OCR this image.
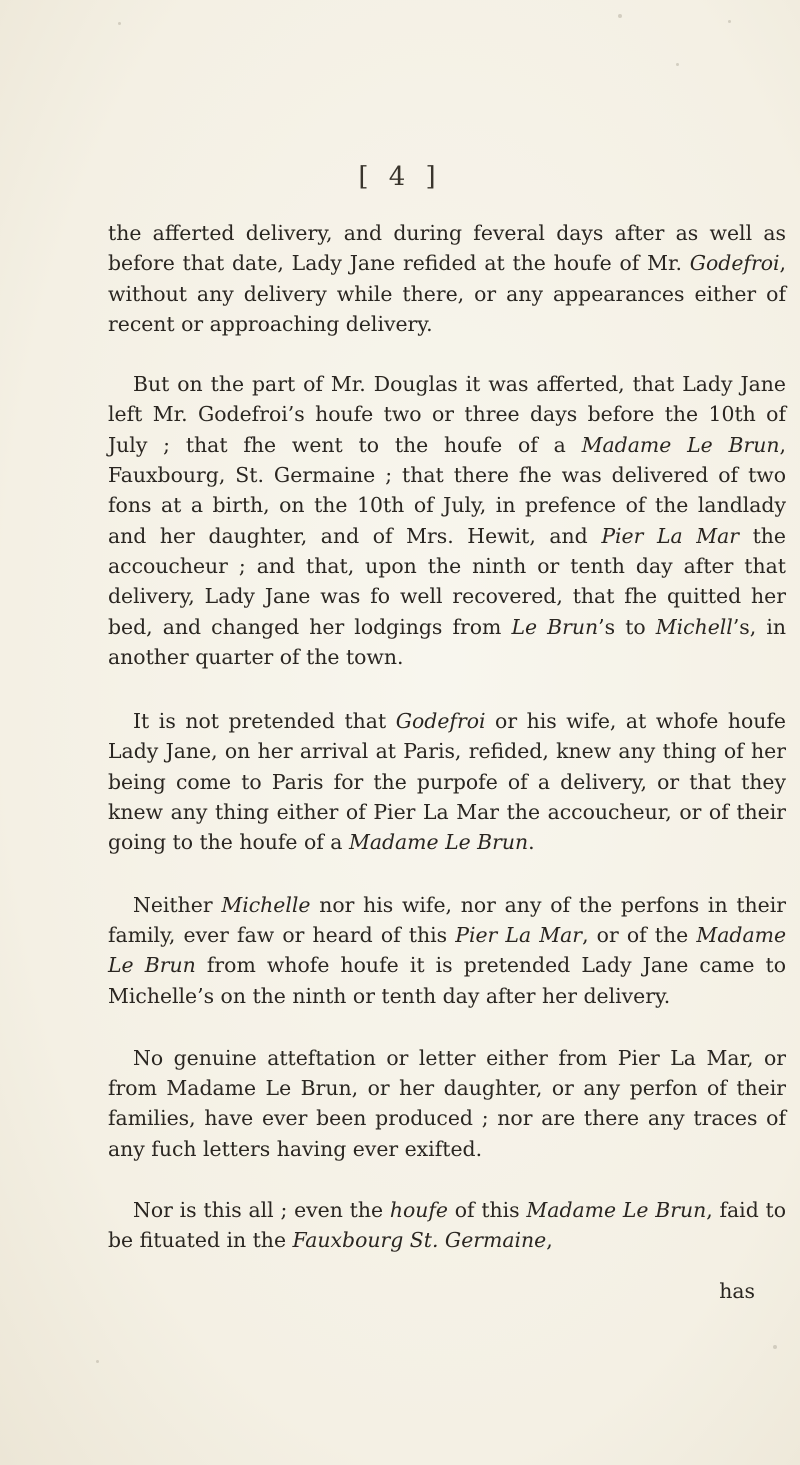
[ 4 ]

the afferted delivery, and during feveral days after as well as before that date, Lady Jane refided at the houfe of Mr. Godefroi, without any delivery while there, or any appearances either of recent or approaching delivery.

But on the part of Mr. Douglas it was afferted, that Lady Jane left Mr. Godefroi’s houfe two or three days before the 10th of July ; that fhe went to the houfe of a Madame Le Brun, Fauxbourg, St. Germaine ; that there fhe was delivered of two fons at a birth, on the 10th of July, in prefence of the landlady and her daughter, and of Mrs. Hewit, and Pier La Mar the accoucheur ; and that, upon the ninth or tenth day after that delivery, Lady Jane was fo well recovered, that fhe quitted her bed, and changed her lodgings from Le Brun’s to Michell’s, in another quarter of the town.

It is not pretended that Godefroi or his wife, at whofe houfe Lady Jane, on her arrival at Paris, refided, knew any thing of her being come to Paris for the purpofe of a delivery, or that they knew any thing either of Pier La Mar the accoucheur, or of their going to the houfe of a Madame Le Brun.

Neither Michelle nor his wife, nor any of the perfons in their family, ever faw or heard of this Pier La Mar, or of the Madame Le Brun from whofe houfe it is pretended Lady Jane came to Michelle’s on the ninth or tenth day after her delivery.

No genuine atteftation or letter either from Pier La Mar, or from Madame Le Brun, or her daughter, or any perfon of their families, have ever been produced ; nor are there any traces of any fuch letters having ever exifted.

Nor is this all ; even the houfe of this Madame Le Brun, faid to be fituated in the Fauxbourg St. Germaine,

has
